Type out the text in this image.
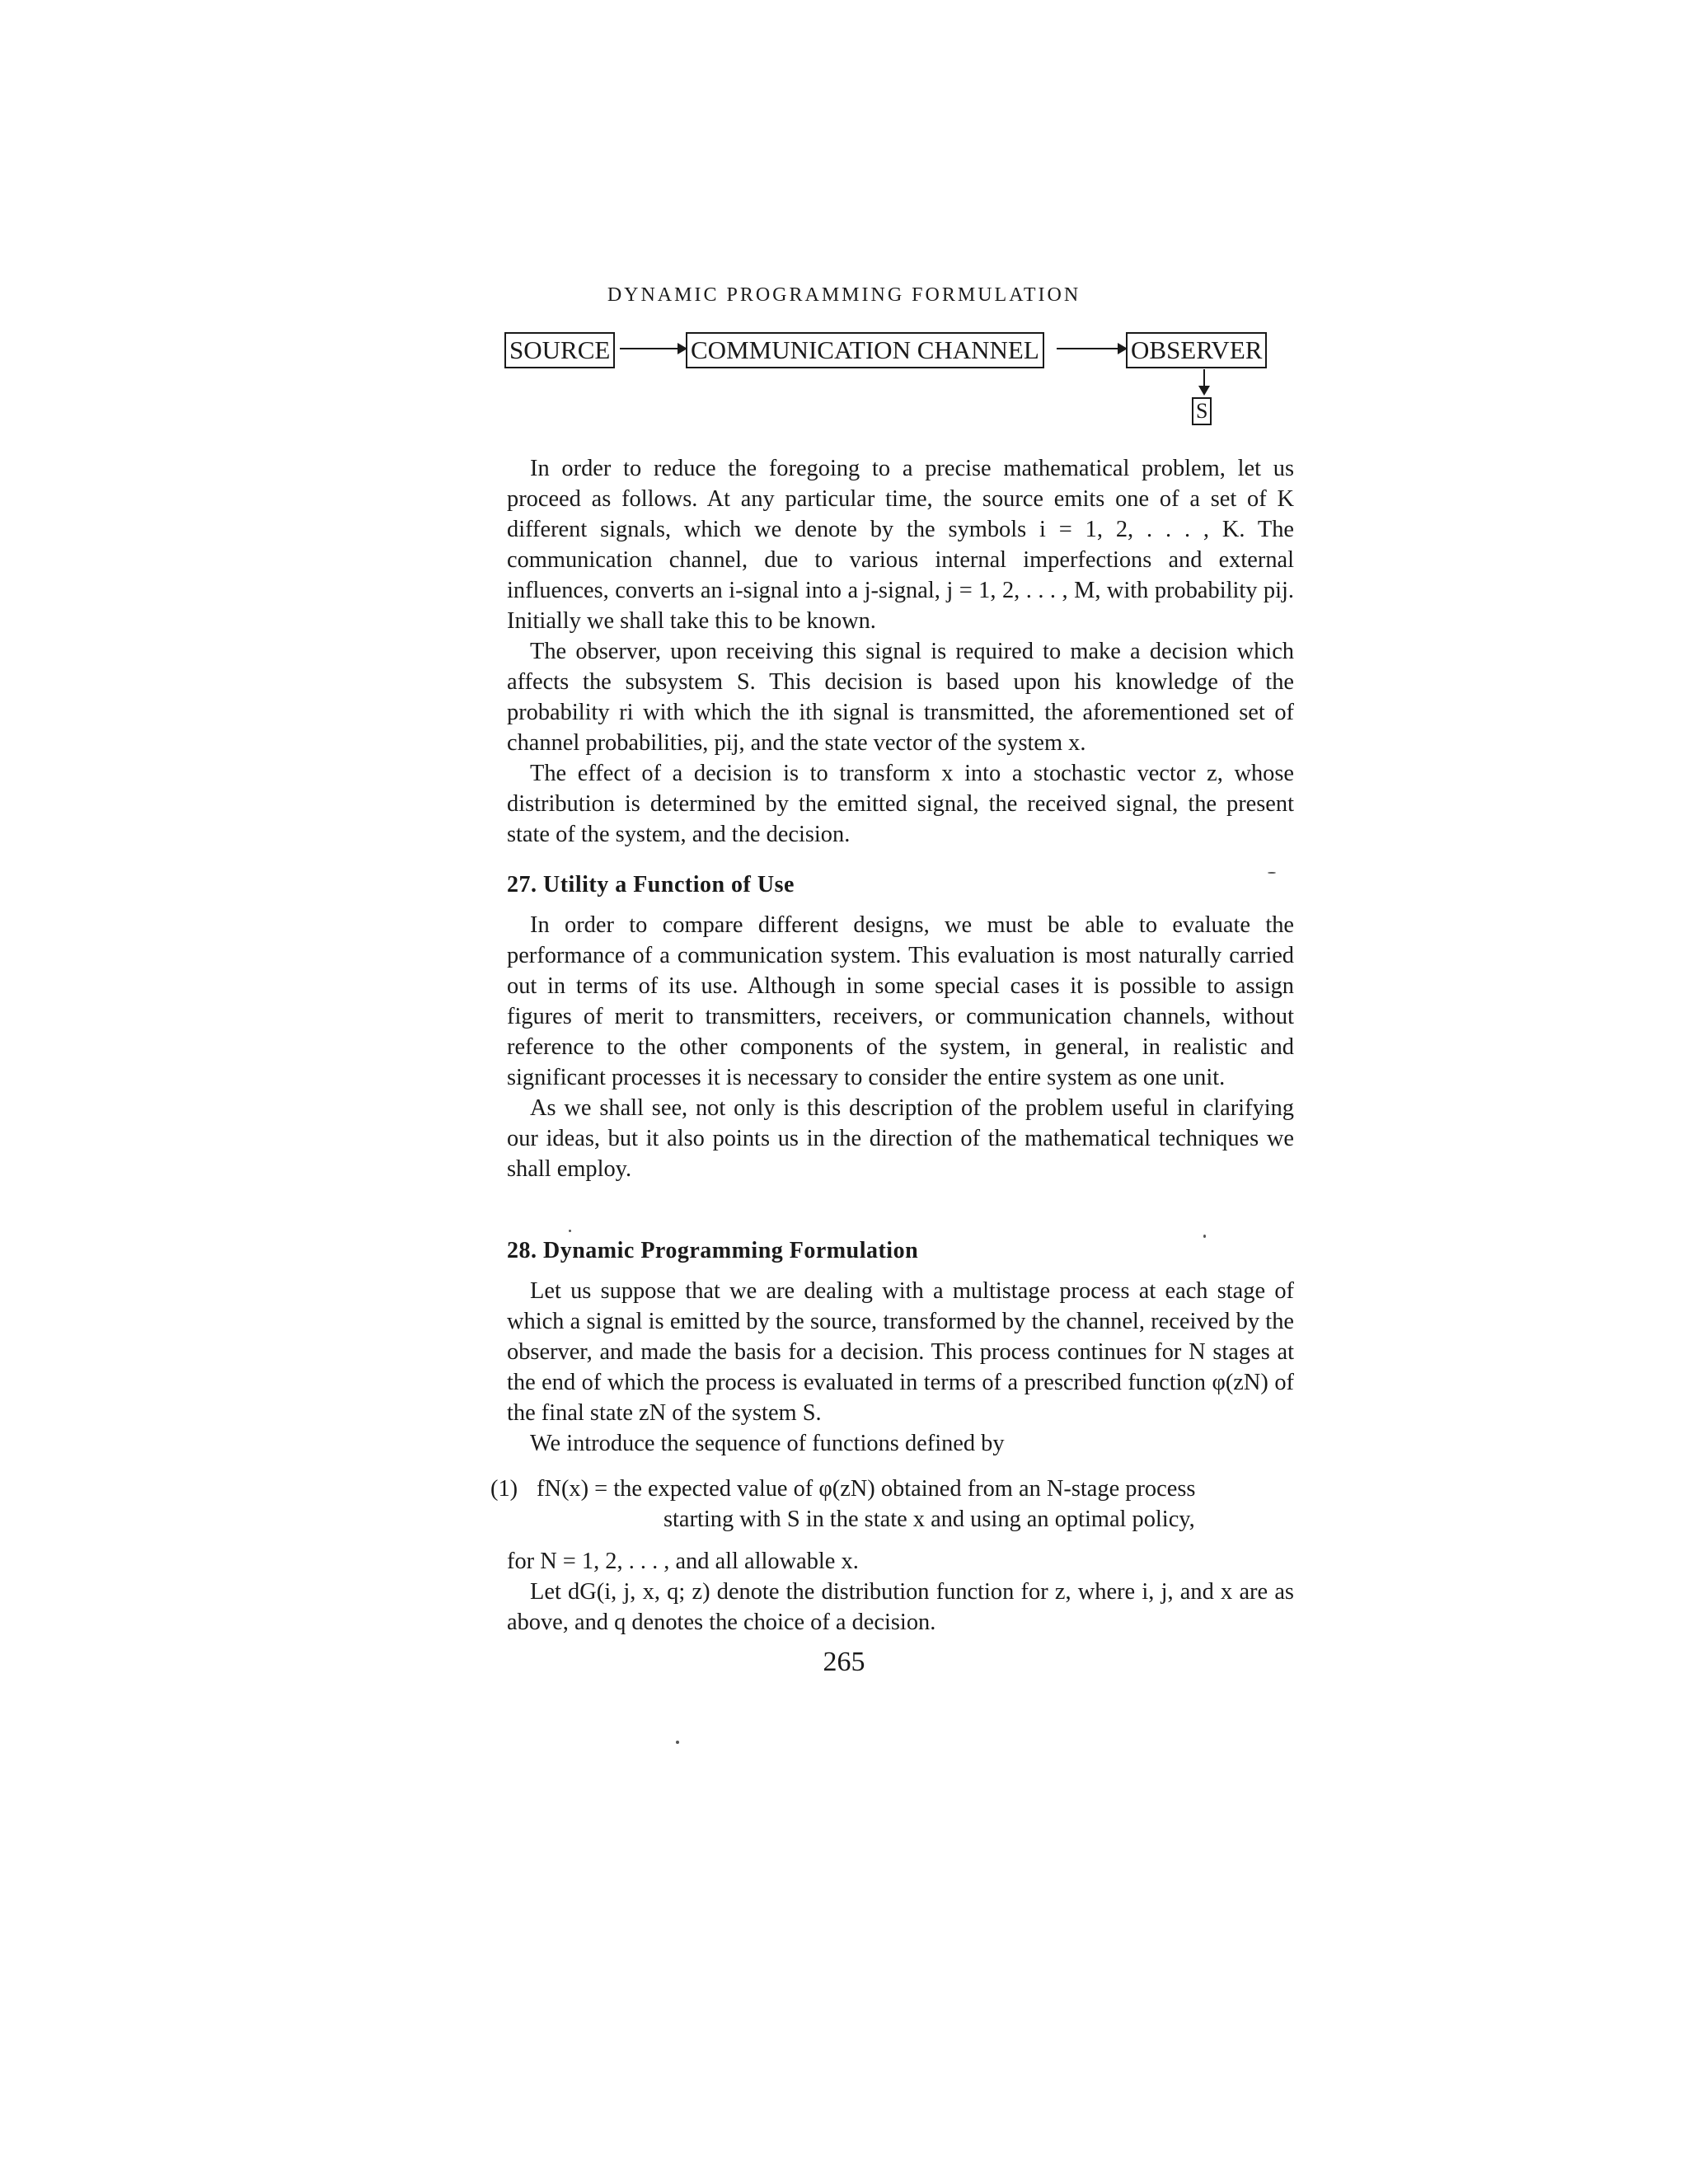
DYNAMIC PROGRAMMING FORMULATION
SOURCE	COMMUNICATION CHANNEL	OBSERVER
S

In order to reduce the foregoing to a precise mathematical problem, let us proceed as follows. At any particular time, the source emits one of a set of K different signals, which we denote by the symbols i = 1, 2, . . . , K. The communication channel, due to various internal imperfections and external influences, converts an i-signal into a j-signal, j = 1, 2, . . . , M, with probability pij. Initially we shall take this to be known.

The observer, upon receiving this signal is required to make a decision which affects the subsystem S. This decision is based upon his knowledge of the probability ri with which the ith signal is transmitted, the aforementioned set of channel probabilities, pij, and the state vector of the system x.

The effect of a decision is to transform x into a stochastic vector z, whose distribution is determined by the emitted signal, the received signal, the present state of the system, and the decision.

27. Utility a Function of Use

In order to compare different designs, we must be able to evaluate the performance of a communication system. This evaluation is most naturally carried out in terms of its use. Although in some special cases it is possible to assign figures of merit to transmitters, receivers, or communication channels, without reference to the other components of the system, in general, in realistic and significant processes it is necessary to consider the entire system as one unit.

As we shall see, not only is this description of the problem useful in clarifying our ideas, but it also points us in the direction of the mathematical techniques we shall employ.

28. Dynamic Programming Formulation

Let us suppose that we are dealing with a multistage process at each stage of which a signal is emitted by the source, transformed by the channel, received by the observer, and made the basis for a decision. This process continues for N stages at the end of which the process is evaluated in terms of a prescribed function φ(zN) of the final state zN of the system S.

We introduce the sequence of functions defined by

(1) fN(x) = the expected value of φ(zN) obtained from an N-stage process
starting with S in the state x and using an optimal policy,

for N = 1, 2, . . . , and all allowable x.

Let dG(i, j, x, q; z) denote the distribution function for z, where i, j, and x are as above, and q denotes the choice of a decision.

265
